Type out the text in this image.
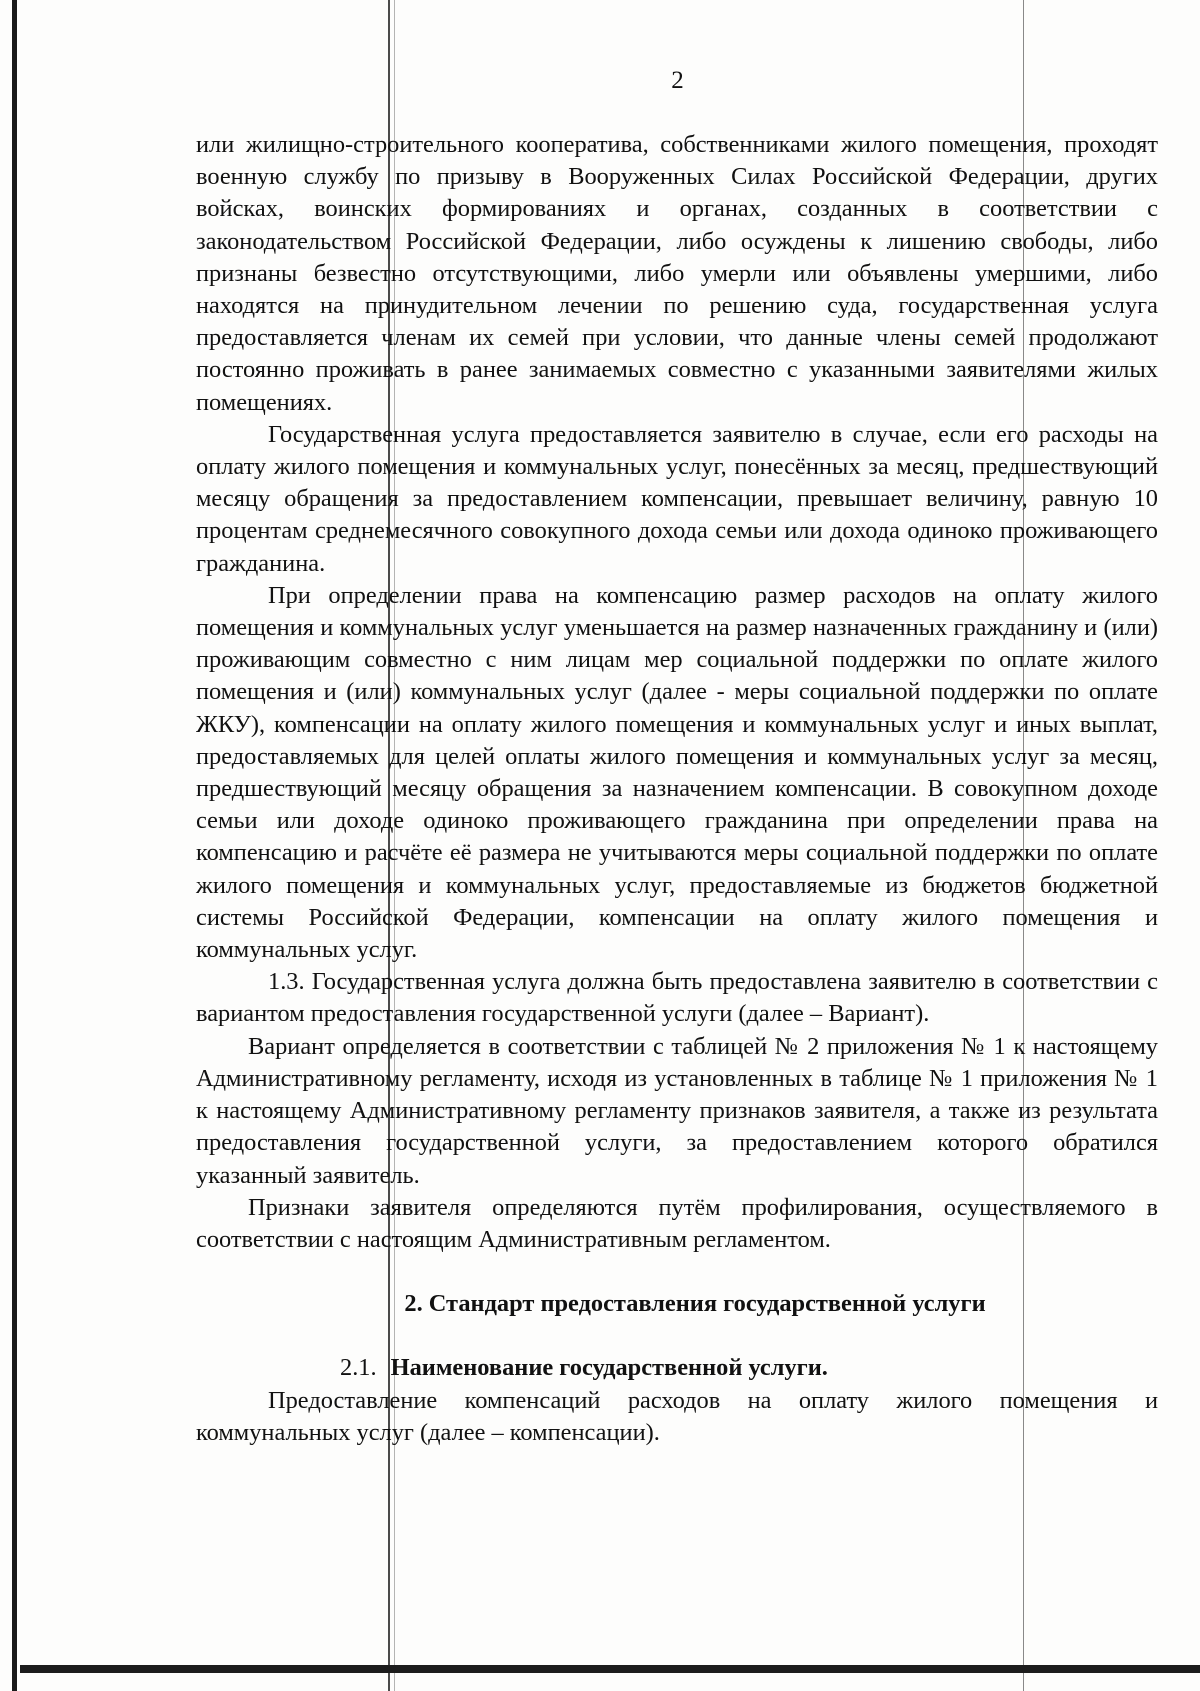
2

или жилищно-строительного кооператива, собственниками жилого помещения, проходят военную службу по призыву в Вооруженных Силах Российской Федерации, других войсках, воинских формированиях и органах, созданных в соответствии с законодательством Российской Федерации, либо осуждены к лишению свободы, либо признаны безвестно отсутствующими, либо умерли или объявлены умершими, либо находятся на принудительном лечении по решению суда, государственная услуга предоставляется членам их семей при условии, что данные члены семей продолжают постоянно проживать в ранее занимаемых совместно с указанными заявителями жилых помещениях.

Государственная услуга предоставляется заявителю в случае, если его расходы на оплату жилого помещения и коммунальных услуг, понесённых за месяц, предшествующий месяцу обращения за предоставлением компенсации, превышает величину, равную 10 процентам среднемесячного совокупного дохода семьи или дохода одиноко проживающего гражданина.

При определении права на компенсацию размер расходов на оплату жилого помещения и коммунальных услуг уменьшается на размер назначенных гражданину и (или) проживающим совместно с ним лицам мер социальной поддержки по оплате жилого помещения и (или) коммунальных услуг (далее - меры социальной поддержки по оплате ЖКУ), компенсации на оплату жилого помещения и коммунальных услуг и иных выплат, предоставляемых для целей оплаты жилого помещения и коммунальных услуг за месяц, предшествующий месяцу обращения за назначением компенсации. В совокупном доходе семьи или доходе одиноко проживающего гражданина при определении права на компенсацию и расчёте её размера не учитываются меры социальной поддержки по оплате жилого помещения и коммунальных услуг, предоставляемые из бюджетов бюджетной системы Российской Федерации, компенсации на оплату жилого помещения и коммунальных услуг.

1.3. Государственная услуга должна быть предоставлена заявителю в соответствии с вариантом предоставления государственной услуги (далее – Вариант).

Вариант определяется в соответствии с таблицей № 2 приложения № 1 к настоящему Административному регламенту, исходя из установленных в таблице № 1 приложения № 1 к настоящему Административному регламенту признаков заявителя, а также из результата предоставления государственной услуги, за предоставлением которого обратился указанный заявитель.

Признаки заявителя определяются путём профилирования, осуществляемого в соответствии с настоящим Административным регламентом.

2. Стандарт предоставления государственной услуги

2.1. Наименование государственной услуги.

Предоставление компенсаций расходов на оплату жилого помещения и коммунальных услуг (далее – компенсации).
